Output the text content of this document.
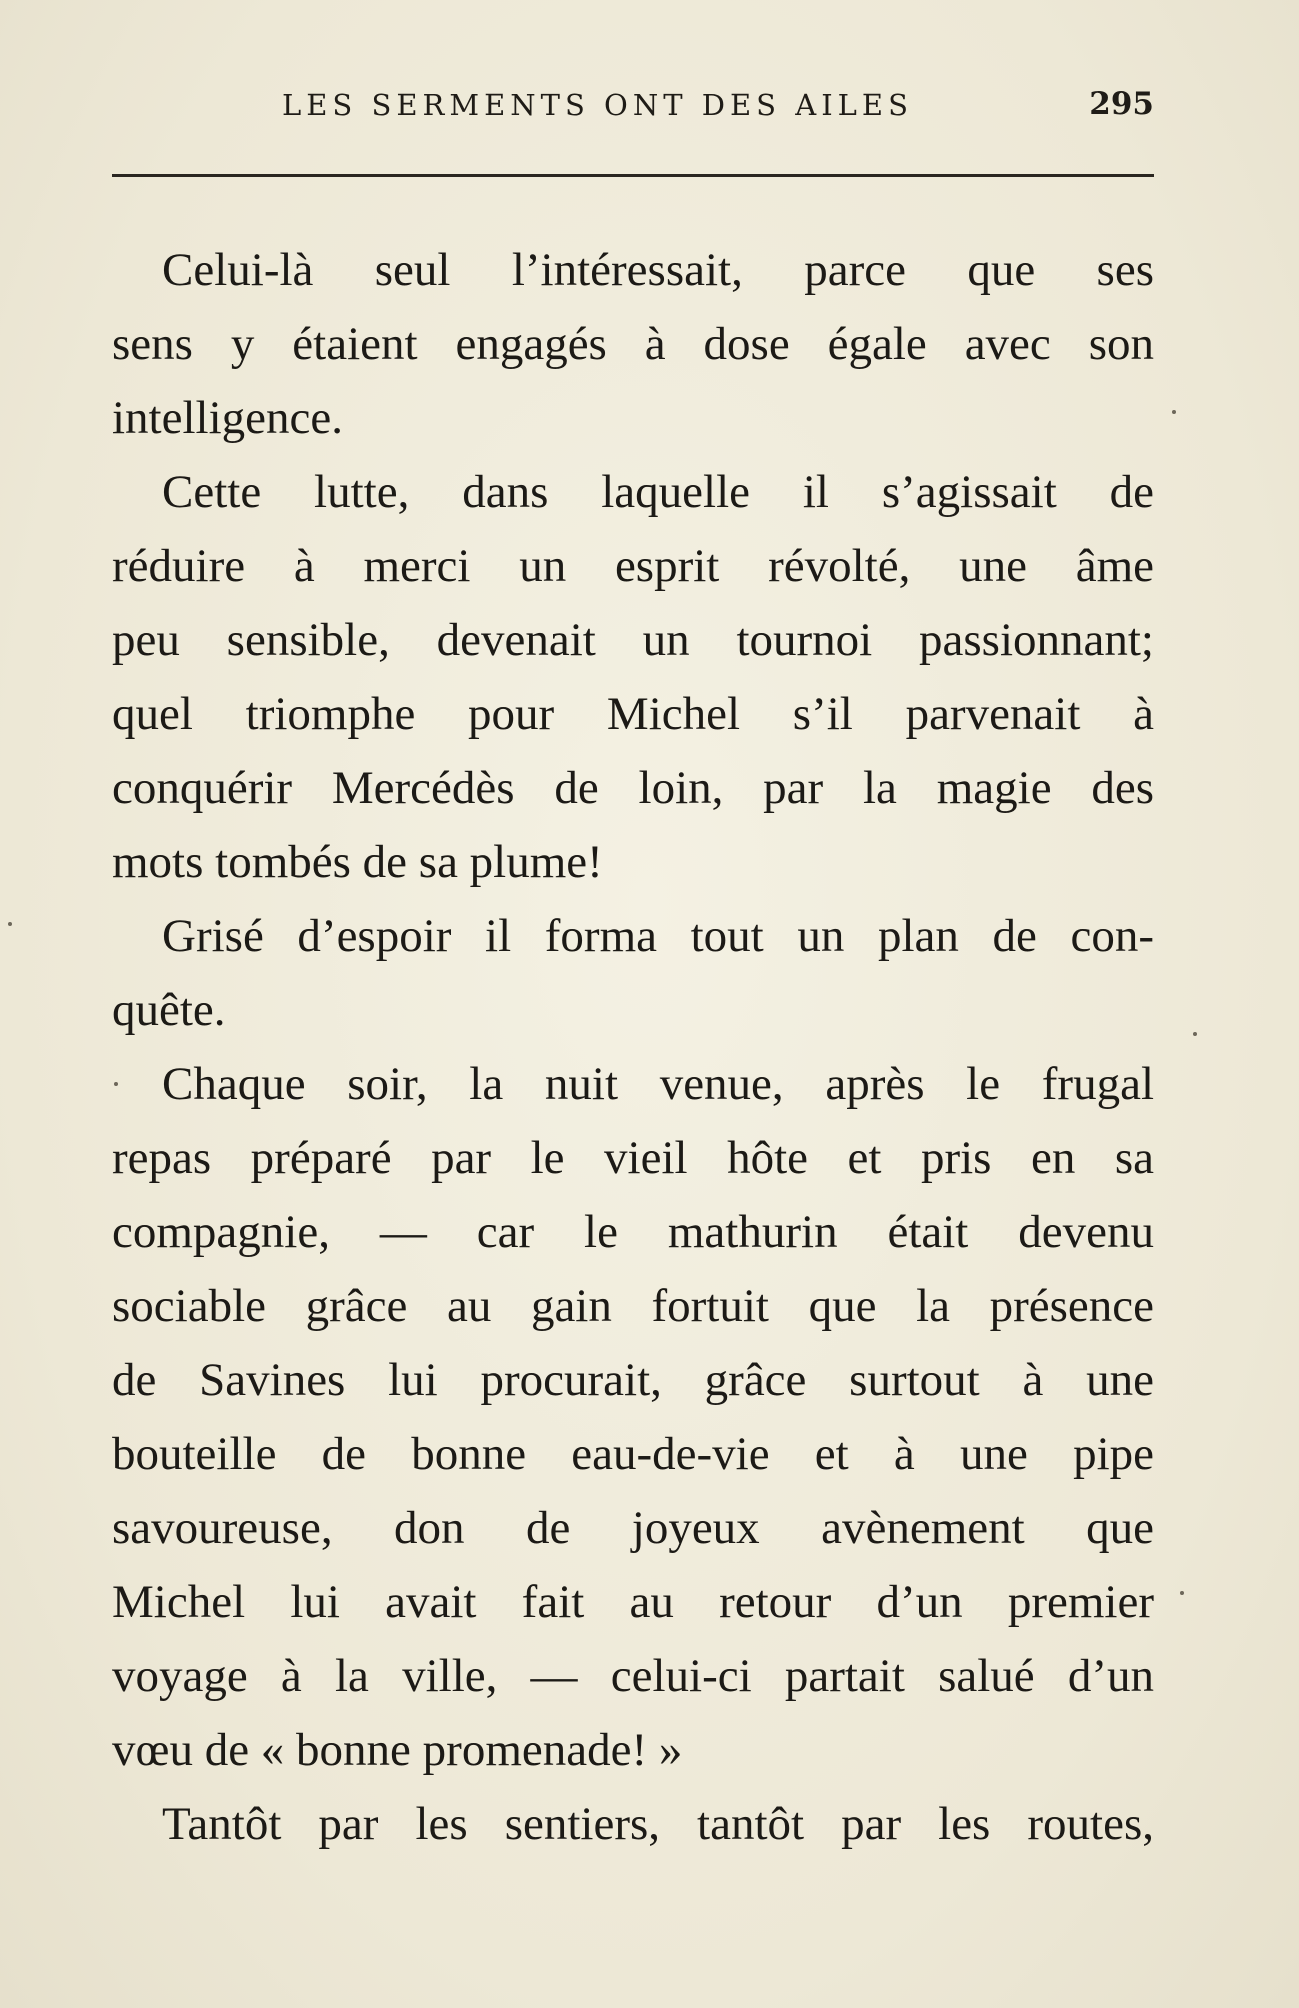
LES SERMENTS ONT DES AILES	295
Celui-là seul l’intéressait, parce que ses
sens y étaient engagés à dose égale avec son
intelligence.
Cette lutte, dans laquelle il s’agissait de
réduire à merci un esprit révolté, une âme
peu sensible, devenait un tournoi passionnant;
quel triomphe pour Michel s’il parvenait à
conquérir Mercédès de loin, par la magie des
mots tombés de sa plume!
Grisé d’espoir il forma tout un plan de con-
quête.
Chaque soir, la nuit venue, après le frugal
repas préparé par le vieil hôte et pris en sa
compagnie, — car le mathurin était devenu
sociable grâce au gain fortuit que la présence
de Savines lui procurait, grâce surtout à une
bouteille de bonne eau-de-vie et à une pipe
savoureuse, don de joyeux avènement que
Michel lui avait fait au retour d’un premier
voyage à la ville, — celui-ci partait salué d’un
vœu de « bonne promenade! »
Tantôt par les sentiers, tantôt par les routes,
